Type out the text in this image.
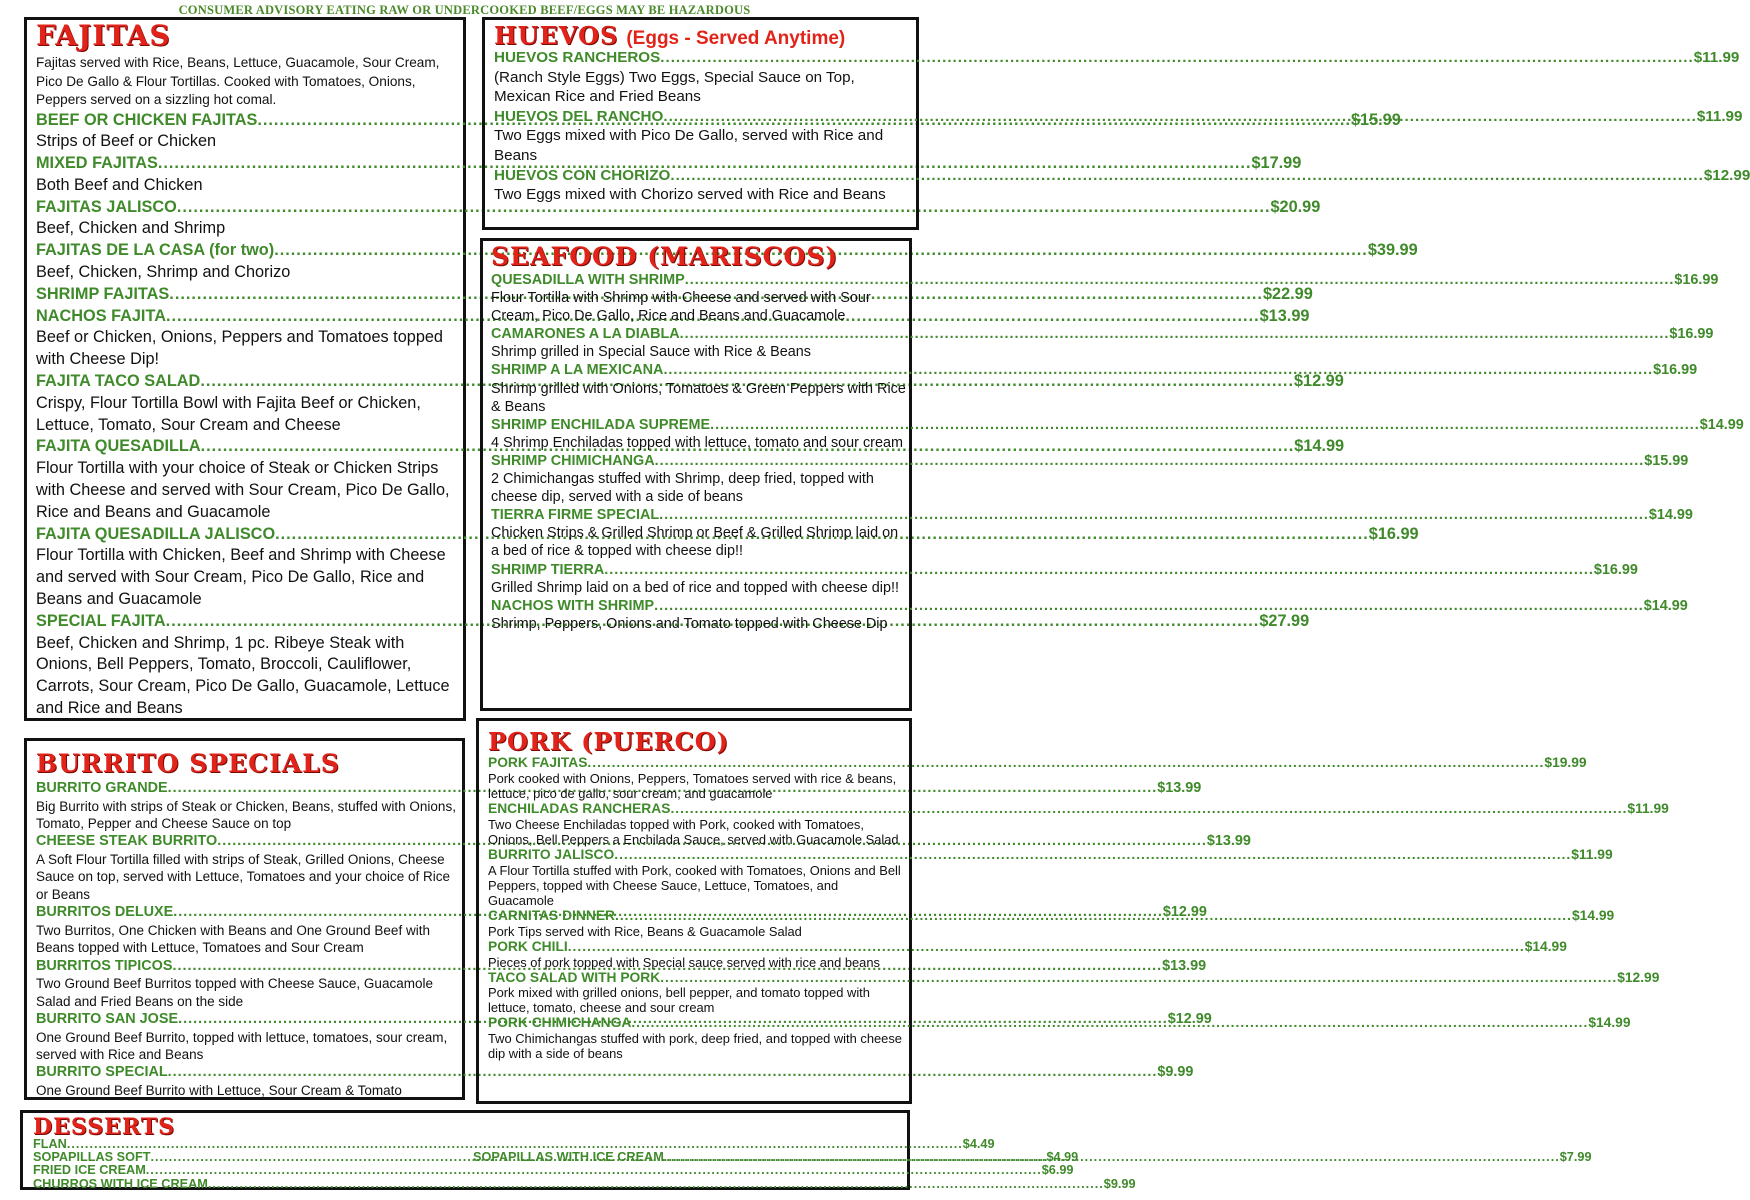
CONSUMER ADVISORY EATING RAW OR UNDERCOOKED BEEF/EGGS MAY BE HAZARDOUS
FAJITAS
Fajitas served with Rice, Beans, Lettuce, Guacamole, Sour Cream, Pico De Gallo & Flour Tortillas. Cooked with Tomatoes, Onions, Peppers served on a sizzling hot comal.
BEEF OR CHICKEN FAJITAS .....	$15.99
Strips of Beef or Chicken
MIXED FAJITAS .....	$17.99
Both Beef and Chicken
FAJITAS JALISCO .....	$20.99
Beef, Chicken and Shrimp
FAJITAS DE LA CASA (for two) .....	$39.99
Beef, Chicken, Shrimp and Chorizo
SHRIMP FAJITAS .....	$22.99
NACHOS FAJITA .....	$13.99
Beef or Chicken, Onions, Peppers and Tomatoes topped with Cheese Dip!
FAJITA TACO SALAD .....	$12.99
Crispy, Flour Tortilla Bowl with Fajita Beef or Chicken, Lettuce, Tomato, Sour Cream and Cheese
FAJITA QUESADILLA .....	$14.99
Flour Tortilla with your choice of Steak or Chicken Strips with Cheese and served with Sour Cream, Pico De Gallo, Rice and Beans and Guacamole
FAJITA QUESADILLA JALISCO .....	$16.99
Flour Tortilla with Chicken, Beef and Shrimp with Cheese and served with Sour Cream, Pico De Gallo, Rice and Beans and Guacamole
SPECIAL FAJITA .....	$27.99
Beef, Chicken and Shrimp, 1 pc. Ribeye Steak with Onions, Bell Peppers, Tomato, Broccoli, Cauliflower, Carrots, Sour Cream, Pico De Gallo, Guacamole, Lettuce and Rice and Beans
HUEVOS (Eggs - Served Anytime)
HUEVOS RANCHEROS .....	$11.99
(Ranch Style Eggs) Two Eggs, Special Sauce on Top, Mexican Rice and Fried Beans
HUEVOS DEL RANCHO .....	$11.99
Two Eggs mixed with Pico De Gallo, served with Rice and Beans
HUEVOS CON CHORIZO .....	$12.99
Two Eggs mixed with Chorizo served with Rice and Beans
SEAFOOD (MARISCOS)
QUESADILLA WITH SHRIMP .....	$16.99
Flour Tortilla with Shrimp with Cheese and served with Sour Cream, Pico De Gallo, Rice and Beans and Guacamole
CAMARONES A LA DIABLA .....	$16.99
Shrimp grilled in Special Sauce with Rice & Beans
SHRIMP A LA MEXICANA .....	$16.99
Shrimp grilled with Onions, Tomatoes & Green Peppers with Rice & Beans
SHRIMP ENCHILADA SUPREME .....	$14.99
4 Shrimp Enchiladas topped with lettuce, tomato and sour cream
SHRIMP CHIMICHANGA .....	$15.99
2 Chimichangas stuffed with Shrimp, deep fried, topped with cheese dip, served with a side of beans
TIERRA FIRME SPECIAL .....	$14.99
Chicken Strips & Grilled Shrimp or Beef & Grilled Shrimp laid on a bed of rice & topped with cheese dip!!
SHRIMP TIERRA .....	$16.99
Grilled Shrimp laid on a bed of rice and topped with cheese dip!!
NACHOS WITH SHRIMP .....	$14.99
Shrimp, Peppers, Onions and Tomato topped with Cheese Dip
BURRITO SPECIALS
BURRITO GRANDE .....	$13.99
Big Burrito with strips of Steak or Chicken, Beans, stuffed with Onions, Tomato, Pepper and Cheese Sauce on top
CHEESE STEAK BURRITO .....	$13.99
A Soft Flour Tortilla filled with strips of Steak, Grilled Onions, Cheese Sauce on top, served with Lettuce, Tomatoes and your choice of Rice or Beans
BURRITOS DELUXE .....	$12.99
Two Burritos, One Chicken with Beans and One Ground Beef with Beans topped with Lettuce, Tomatoes and Sour Cream
BURRITOS TIPICOS .....	$13.99
Two Ground Beef Burritos topped with Cheese Sauce, Guacamole Salad and Fried Beans on the side
BURRITO SAN JOSE .....	$12.99
One Ground Beef Burrito, topped with lettuce, tomatoes, sour cream, served with Rice and Beans
BURRITO SPECIAL .....	$9.99
One Ground Beef Burrito with Lettuce, Sour Cream & Tomato
PORK (PUERCO)
PORK FAJITAS .....	$19.99
Pork cooked with Onions, Peppers, Tomatoes served with rice & beans, lettuce, pico de gallo, sour cream, and guacamole
ENCHILADAS RANCHERAS .....	$11.99
Two Cheese Enchiladas topped with Pork, cooked with Tomatoes, Onions, Bell Peppers a Enchilada Sauce, served with Guacamole Salad
BURRITO JALISCO .....	$11.99
A Flour Tortilla stuffed with Pork, cooked with Tomatoes, Onions and Bell Peppers, topped with Cheese Sauce, Lettuce, Tomatoes, and Guacamole
CARNITAS DINNER .....	$14.99
Pork Tips served with Rice, Beans & Guacamole Salad
PORK CHILI .....	$14.99
Pieces of pork topped with Special sauce served with rice and beans
TACO SALAD WITH PORK .....	$12.99
Pork mixed with grilled onions, bell pepper, and tomato topped with lettuce, tomato, cheese and sour cream
PORK CHIMICHANGA .....	$14.99
Two Chimichangas stuffed with pork, deep fried, and topped with cheese dip with a side of beans
DESSERTS
FLAN .....	$4.49
SOPAPILLAS SOFT .....	$4.99
SOPAPILLAS WITH ICE CREAM .....	$7.99
FRIED ICE CREAM .....	$6.99
CHURROS WITH ICE CREAM .....	$9.99
